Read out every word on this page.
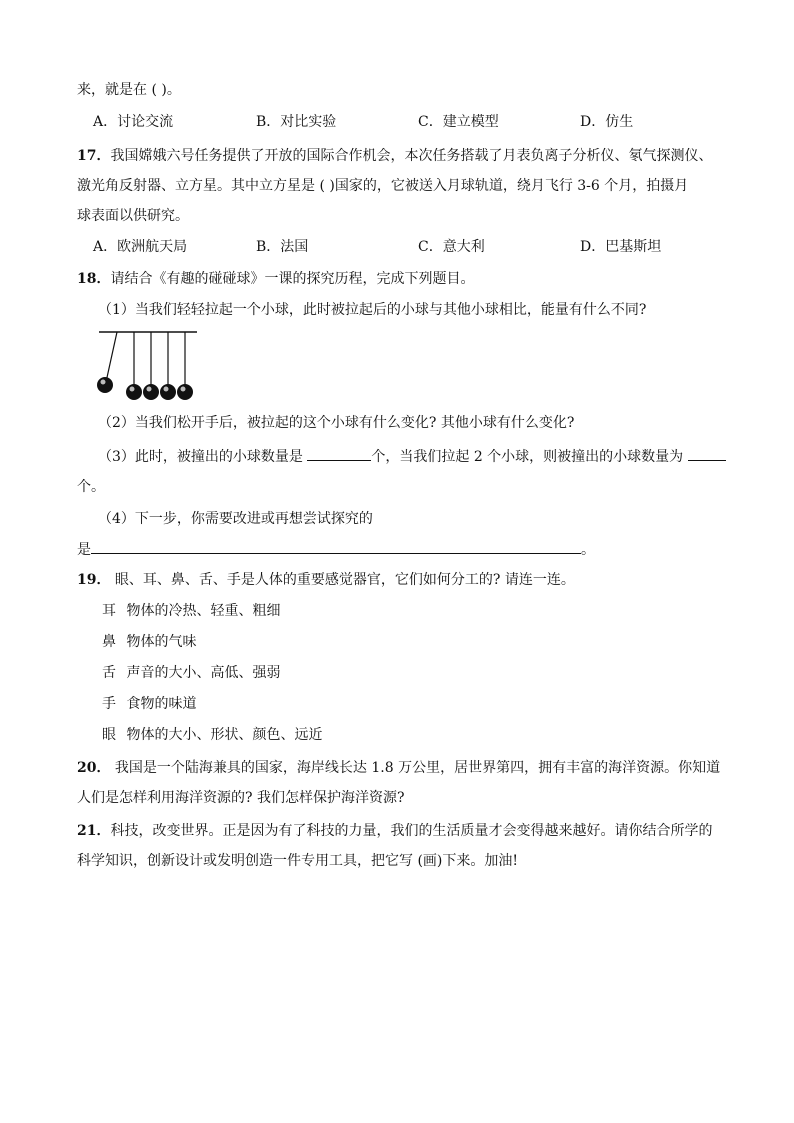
来，就是在 ( )。
A．讨论交流	B．对比实验	C．建立模型	D．仿生
17．我国嫦娥六号任务提供了开放的国际合作机会，本次任务搭载了月表负离子分析仪、氡气探测仪、
激光角反射器、立方星。其中立方星是 ( )国家的，它被送入月球轨道，绕月飞行 3-6 个月，拍摄月
球表面以供研究。
A．欧洲航天局	B．法国	C．意大利	D．巴基斯坦
18．请结合《有趣的碰碰球》一课的探究历程，完成下列题目。
（1）当我们轻轻拉起一个小球，此时被拉起后的小球与其他小球相比，能量有什么不同?
（2）当我们松开手后，被拉起的这个小球有什么变化? 其他小球有什么变化?
（3）此时，被撞出的小球数量是	个，当我们拉起 2 个小球，则被撞出的小球数量为
个。
（4）下一步，你需要改进或再想尝试探究的
是	。
19． 眼、耳、鼻、舌、手是人体的重要感觉器官，它们如何分工的? 请连一连。
耳 物体的冷热、轻重、粗细
鼻 物体的气味
舌 声音的大小、高低、强弱
手 食物的味道
眼 物体的大小、形状、颜色、远近
20． 我国是一个陆海兼具的国家，海岸线长达 1.8 万公里，居世界第四，拥有丰富的海洋资源。你知道
人们是怎样利用海洋资源的? 我们怎样保护海洋资源?
21．科技，改变世界。正是因为有了科技的力量，我们的生活质量才会变得越来越好。请你结合所学的
科学知识，创新设计或发明创造一件专用工具，把它写 (画)下来。加油!
